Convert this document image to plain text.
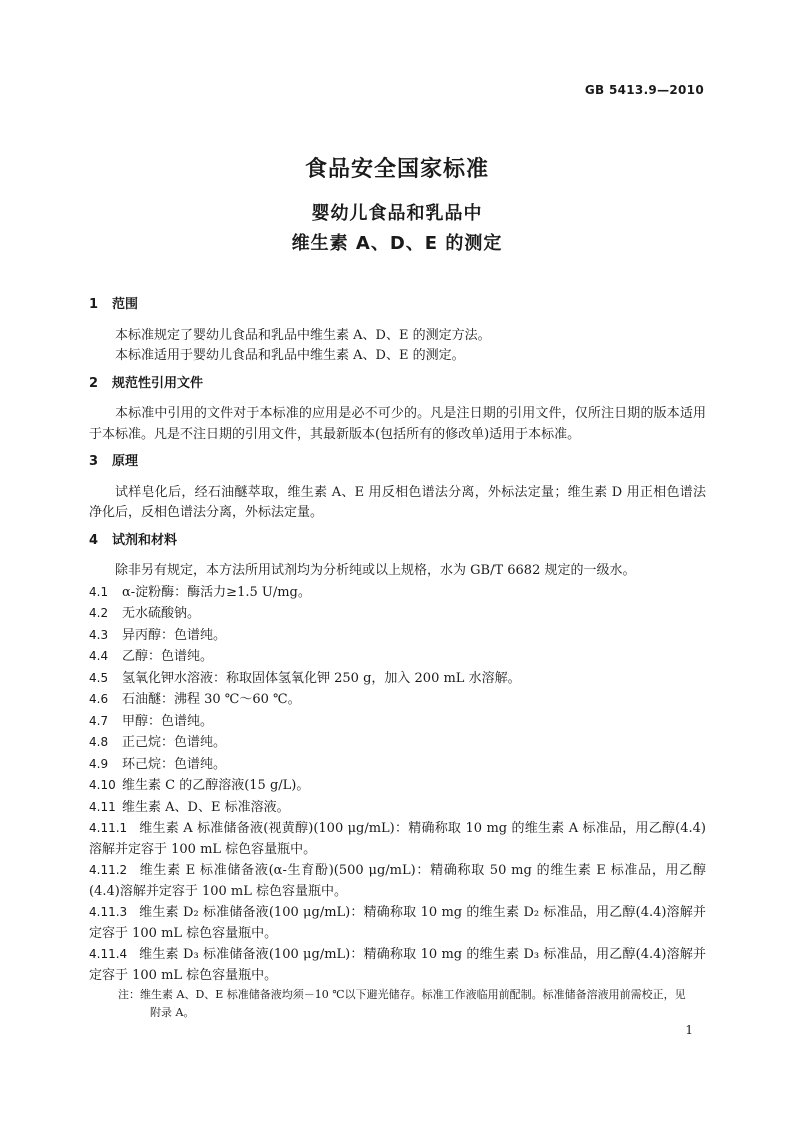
GB 5413.9—2010
食品安全国家标准
婴幼儿食品和乳品中
维生素 A、D、E 的测定

1 范围

本标准规定了婴幼儿食品和乳品中维生素 A、D、E 的测定方法。

本标准适用于婴幼儿食品和乳品中维生素 A、D、E 的测定。

2 规范性引用文件

本标准中引用的文件对于本标准的应用是必不可少的。凡是注日期的引用文件，仅所注日期的版本适用于本标准。凡是不注日期的引用文件，其最新版本(包括所有的修改单)适用于本标准。

3 原理

试样皂化后，经石油醚萃取，维生素 A、E 用反相色谱法分离，外标法定量；维生素 D 用正相色谱法净化后，反相色谱法分离，外标法定量。

4 试剂和材料

除非另有规定，本方法所用试剂均为分析纯或以上规格，水为 GB/T 6682 规定的一级水。

4.1 α-淀粉酶：酶活力≥1.5 U/mg。

4.2 无水硫酸钠。

4.3 异丙醇：色谱纯。

4.4 乙醇：色谱纯。

4.5 氢氧化钾水溶液：称取固体氢氧化钾 250 g，加入 200 mL 水溶解。

4.6 石油醚：沸程 30 ℃～60 ℃。

4.7 甲醇：色谱纯。

4.8 正己烷：色谱纯。

4.9 环己烷：色谱纯。

4.10 维生素 C 的乙醇溶液(15 g/L)。

4.11 维生素 A、D、E 标准溶液。

4.11.1 维生素 A 标准储备液(视黄醇)(100 μg/mL)：精确称取 10 mg 的维生素 A 标准品，用乙醇(4.4)溶解并定容于 100 mL 棕色容量瓶中。

4.11.2 维生素 E 标准储备液(α-生育酚)(500 μg/mL)：精确称取 50 mg 的维生素 E 标准品，用乙醇(4.4)溶解并定容于 100 mL 棕色容量瓶中。

4.11.3 维生素 D₂ 标准储备液(100 μg/mL)：精确称取 10 mg 的维生素 D₂ 标准品，用乙醇(4.4)溶解并定容于 100 mL 棕色容量瓶中。

4.11.4 维生素 D₃ 标准储备液(100 μg/mL)：精确称取 10 mg 的维生素 D₃ 标准品，用乙醇(4.4)溶解并定容于 100 mL 棕色容量瓶中。

注：维生素 A、D、E 标准储备液均须－10 ℃以下避光储存。标准工作液临用前配制。标准储备溶液用前需校正，见
附录 A。
1
